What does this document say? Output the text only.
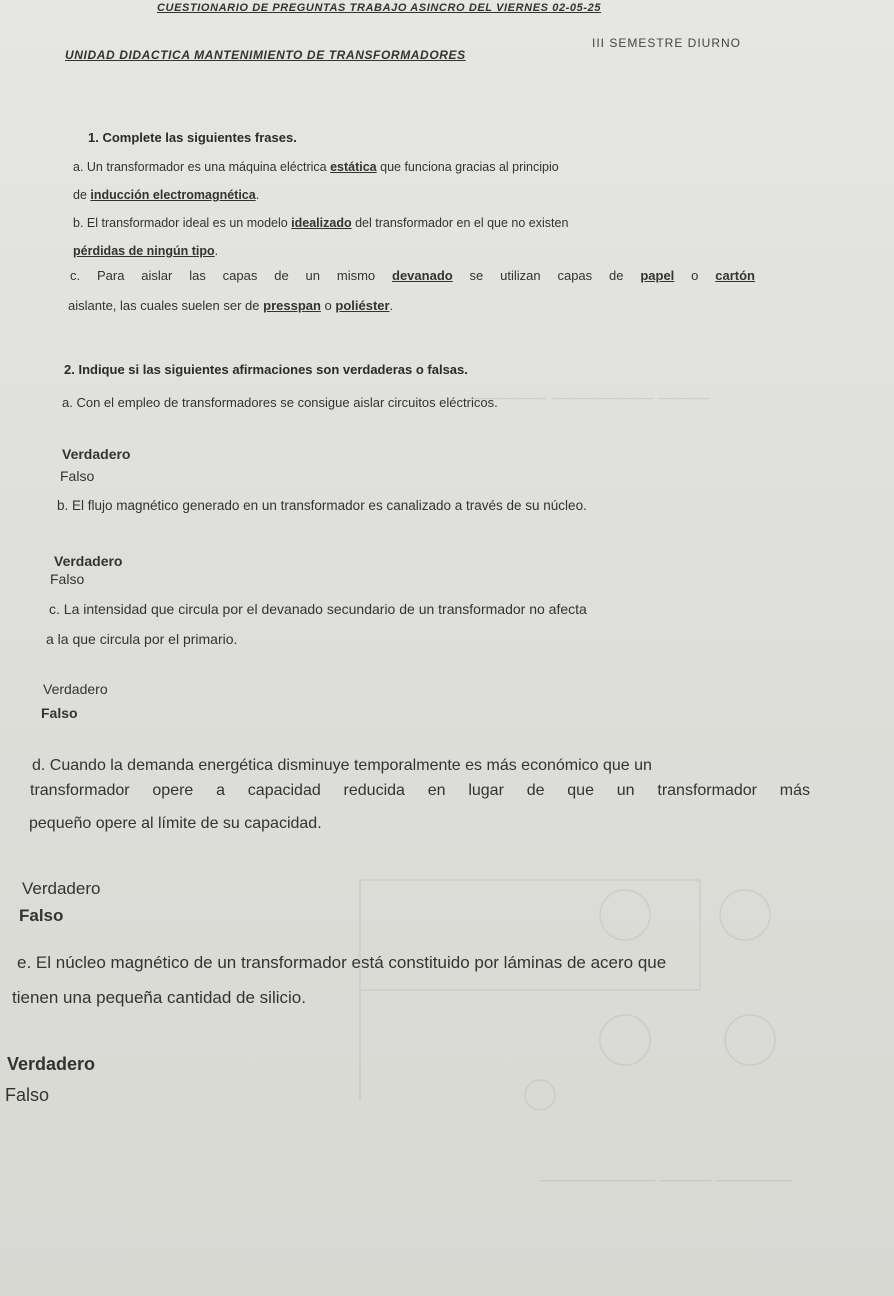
──── ──────── ──────
────── ──── ─────────
CUESTIONARIO DE PREGUNTAS TRABAJO ASINCRO DEL VIERNES 02-05-25
UNIDAD DIDACTICA MANTENIMIENTO DE TRANSFORMADORES
III SEMESTRE DIURNO
1. Complete las siguientes frases.
a. Un transformador es una máquina eléctrica estática que funciona gracias al principio
de inducción electromagnética.
b. El transformador ideal es un modelo idealizado del transformador en el que no existen
pérdidas de ningún tipo.
c. Para aislar las capas de un mismo devanado se utilizan capas de papel o cartón
aislante, las cuales suelen ser de presspan o poliéster.
2. Indique si las siguientes afirmaciones son verdaderas o falsas.
a. Con el empleo de transformadores se consigue aislar circuitos eléctricos.
Verdadero
Falso
b. El flujo magnético generado en un transformador es canalizado a través de su núcleo.
Verdadero
Falso
c. La intensidad que circula por el devanado secundario de un transformador no afecta
a la que circula por el primario.
Verdadero
Falso
d. Cuando la demanda energética disminuye temporalmente es más económico que un
transformador opere a capacidad reducida en lugar de que un transformador más
pequeño opere al límite de su capacidad.
Verdadero
Falso
e. El núcleo magnético de un transformador está constituido por láminas de acero que
tienen una pequeña cantidad de silicio.
Verdadero
Falso
